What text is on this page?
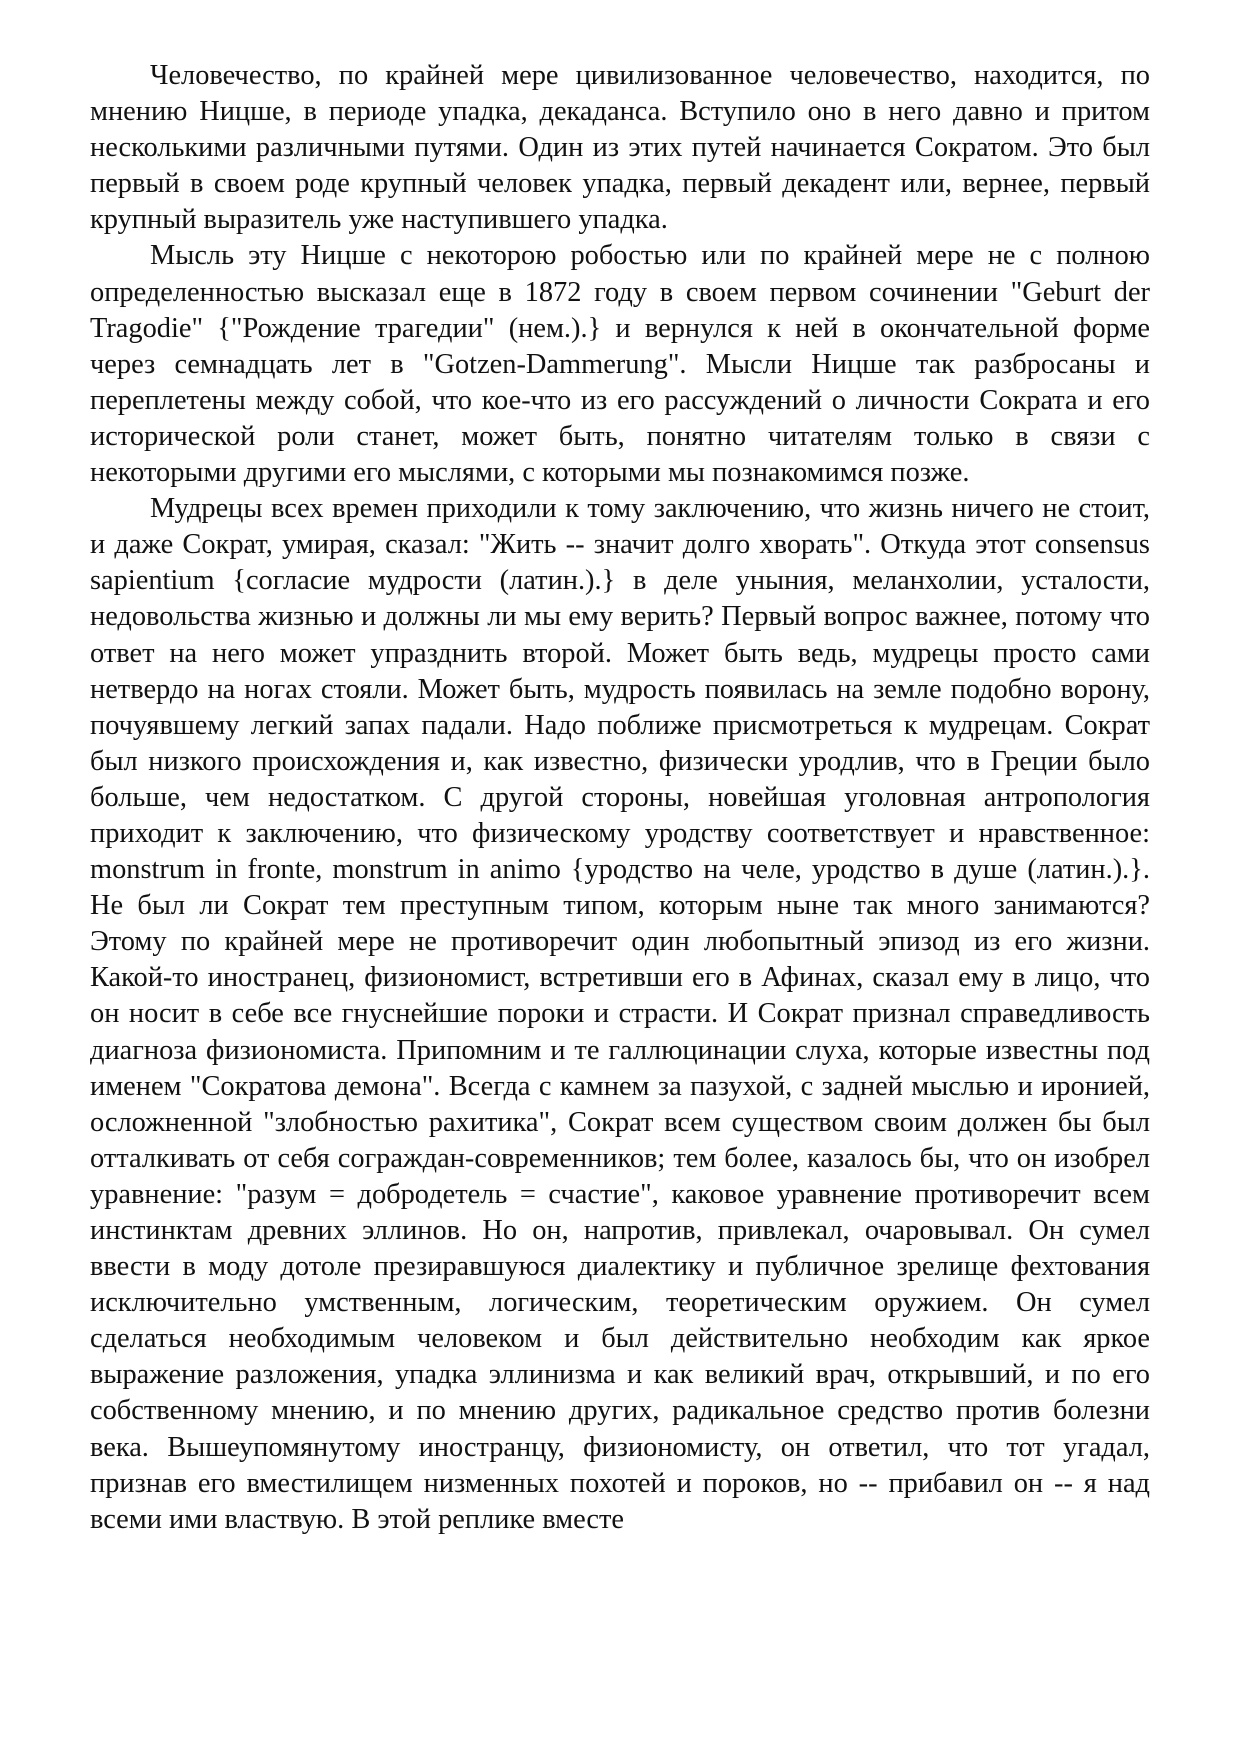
Человечество, по крайней мере цивилизованное человечество, находится, по мнению Ницше, в периоде упадка, декаданса. Вступило оно в него давно и притом несколькими различными путями. Один из этих путей начинается Сократом. Это был первый в своем роде крупный человек упадка, первый декадент или, вернее, первый крупный выразитель уже наступившего упадка.

Мысль эту Ницше с некоторою робостью или по крайней мере не с полною определенностью высказал еще в 1872 году в своем первом сочинении "Geburt der Tragodie" {"Рождение трагедии" (нем.).} и вернулся к ней в окончательной форме через семнадцать лет в "Gotzen-Dammerung". Мысли Ницше так разбросаны и переплетены между собой, что кое-что из его рассуждений о личности Сократа и его исторической роли станет, может быть, понятно читателям только в связи с некоторыми другими его мыслями, с которыми мы познакомимся позже.

Мудрецы всех времен приходили к тому заключению, что жизнь ничего не стоит, и даже Сократ, умирая, сказал: "Жить -- значит долго хворать". Откуда этот consensus sapientium {согласие мудрости (латин.).} в деле уныния, меланхолии, усталости, недовольства жизнью и должны ли мы ему верить? Первый вопрос важнее, потому что ответ на него может упразднить второй. Может быть ведь, мудрецы просто сами нетвердо на ногах стояли. Может быть, мудрость появилась на земле подобно ворону, почуявшему легкий запах падали. Надо поближе присмотреться к мудрецам. Сократ был низкого происхождения и, как известно, физически уродлив, что в Греции было больше, чем недостатком. С другой стороны, новейшая уголовная антропология приходит к заключению, что физическому уродству соответствует и нравственное: monstrum in fronte, monstrum in animo {уродство на челе, уродство в душе (латин.).}. Не был ли Сократ тем преступным типом, которым ныне так много занимаются? Этому по крайней мере не противоречит один любопытный эпизод из его жизни. Какой-то иностранец, физиономист, встретивши его в Афинах, сказал ему в лицо, что он носит в себе все гнуснейшие пороки и страсти. И Сократ признал справедливость диагноза физиономиста. Припомним и те галлюцинации слуха, которые известны под именем "Сократова демона". Всегда с камнем за пазухой, с задней мыслью и иронией, осложненной "злобностью рахитика", Сократ всем существом своим должен бы был отталкивать от себя сограждан-современников; тем более, казалось бы, что он изобрел уравнение: "разум = добродетель = счастие", каковое уравнение противоречит всем инстинктам древних эллинов. Но он, напротив, привлекал, очаровывал. Он сумел ввести в моду дотоле презиравшуюся диалектику и публичное зрелище фехтования исключительно умственным, логическим, теоретическим оружием. Он сумел сделаться необходимым человеком и был действительно необходим как яркое выражение разложения, упадка эллинизма и как великий врач, открывший, и по его собственному мнению, и по мнению других, радикальное средство против болезни века. Вышеупомянутому иностранцу, физиономисту, он ответил, что тот угадал, признав его вместилищем низменных похотей и пороков, но -- прибавил он -- я над всеми ими властвую. В этой реплике вместе
